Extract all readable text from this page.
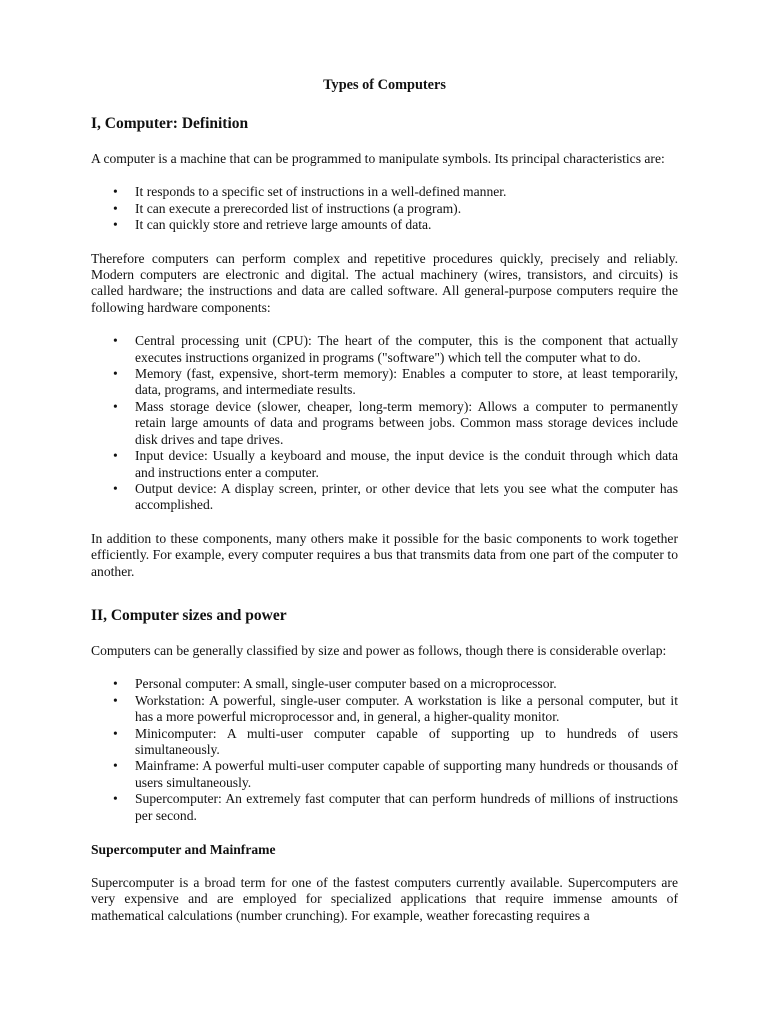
Types of Computers
I, Computer: Definition

A computer is a machine that can be programmed to manipulate symbols. Its principal characteristics are:

• It responds to a specific set of instructions in a well-defined manner.
• It can execute a prerecorded list of instructions (a program).
• It can quickly store and retrieve large amounts of data.

Therefore computers can perform complex and repetitive procedures quickly, precisely and reliably. Modern computers are electronic and digital. The actual machinery (wires, transistors, and circuits) is called hardware; the instructions and data are called software. All general-purpose computers require the following hardware components:

• Central processing unit (CPU): The heart of the computer, this is the component that actually executes instructions organized in programs ("software") which tell the computer what to do.
• Memory (fast, expensive, short-term memory): Enables a computer to store, at least temporarily, data, programs, and intermediate results.
• Mass storage device (slower, cheaper, long-term memory): Allows a computer to permanently retain large amounts of data and programs between jobs. Common mass storage devices include disk drives and tape drives.
• Input device: Usually a keyboard and mouse, the input device is the conduit through which data and instructions enter a computer.
• Output device: A display screen, printer, or other device that lets you see what the computer has accomplished.

In addition to these components, many others make it possible for the basic components to work together efficiently. For example, every computer requires a bus that transmits data from one part of the computer to another.

II, Computer sizes and power

Computers can be generally classified by size and power as follows, though there is considerable overlap:

• Personal computer: A small, single-user computer based on a microprocessor.
• Workstation: A powerful, single-user computer. A workstation is like a personal computer, but it has a more powerful microprocessor and, in general, a higher-quality monitor.
• Minicomputer: A multi-user computer capable of supporting up to hundreds of users simultaneously.
• Mainframe: A powerful multi-user computer capable of supporting many hundreds or thousands of users simultaneously.
• Supercomputer: An extremely fast computer that can perform hundreds of millions of instructions per second.
Supercomputer and Mainframe

Supercomputer is a broad term for one of the fastest computers currently available. Supercomputers are very expensive and are employed for specialized applications that require immense amounts of mathematical calculations (number crunching). For example, weather forecasting requires a
